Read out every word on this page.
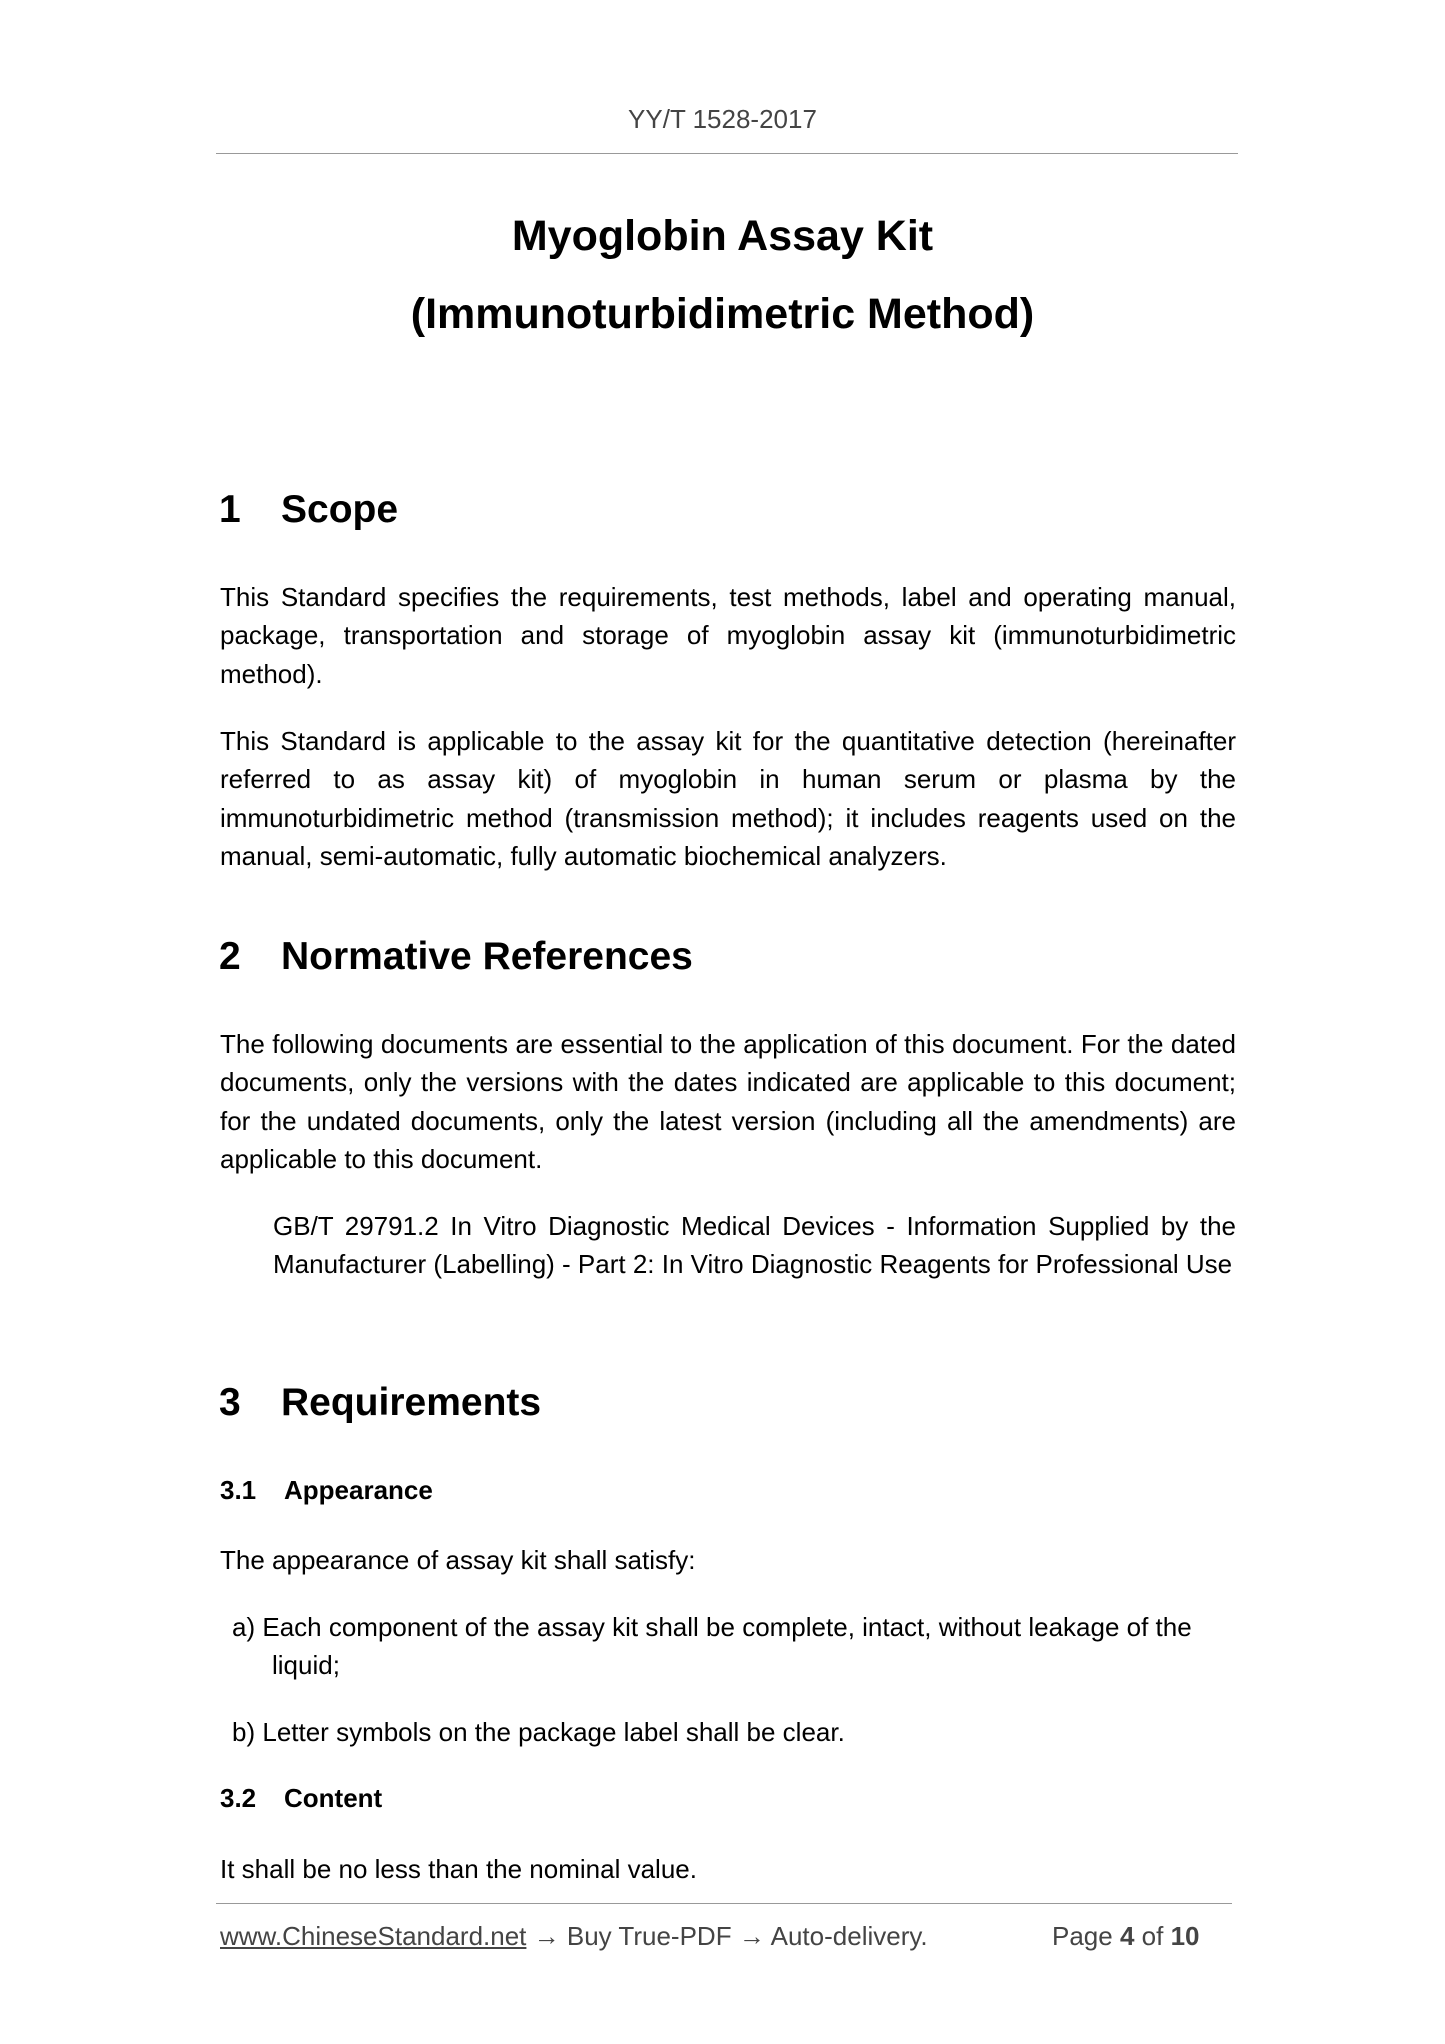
YY/T 1528-2017
Myoglobin Assay Kit
(Immunoturbidimetric Method)
1 Scope

This Standard specifies the requirements, test methods, label and operating manual, package, transportation and storage of myoglobin assay kit (immunoturbidimetric method).

This Standard is applicable to the assay kit for the quantitative detection (hereinafter referred to as assay kit) of myoglobin in human serum or plasma by the immunoturbidimetric method (transmission method); it includes reagents used on the manual, semi-automatic, fully automatic biochemical analyzers.

2 Normative References

The following documents are essential to the application of this document. For the dated documents, only the versions with the dates indicated are applicable to this document; for the undated documents, only the latest version (including all the amendments) are applicable to this document.

GB/T 29791.2 In Vitro Diagnostic Medical Devices - Information Supplied by the Manufacturer (Labelling) - Part 2: In Vitro Diagnostic Reagents for Professional Use

3 Requirements
3.1 Appearance

The appearance of assay kit shall satisfy:

a) Each component of the assay kit shall be complete, intact, without leakage of the
liquid;
b) Letter symbols on the package label shall be clear.
3.2 Content

It shall be no less than the nominal value.

www.ChineseStandard.net → Buy True-PDF → Auto-delivery.	Page 4 of 10
